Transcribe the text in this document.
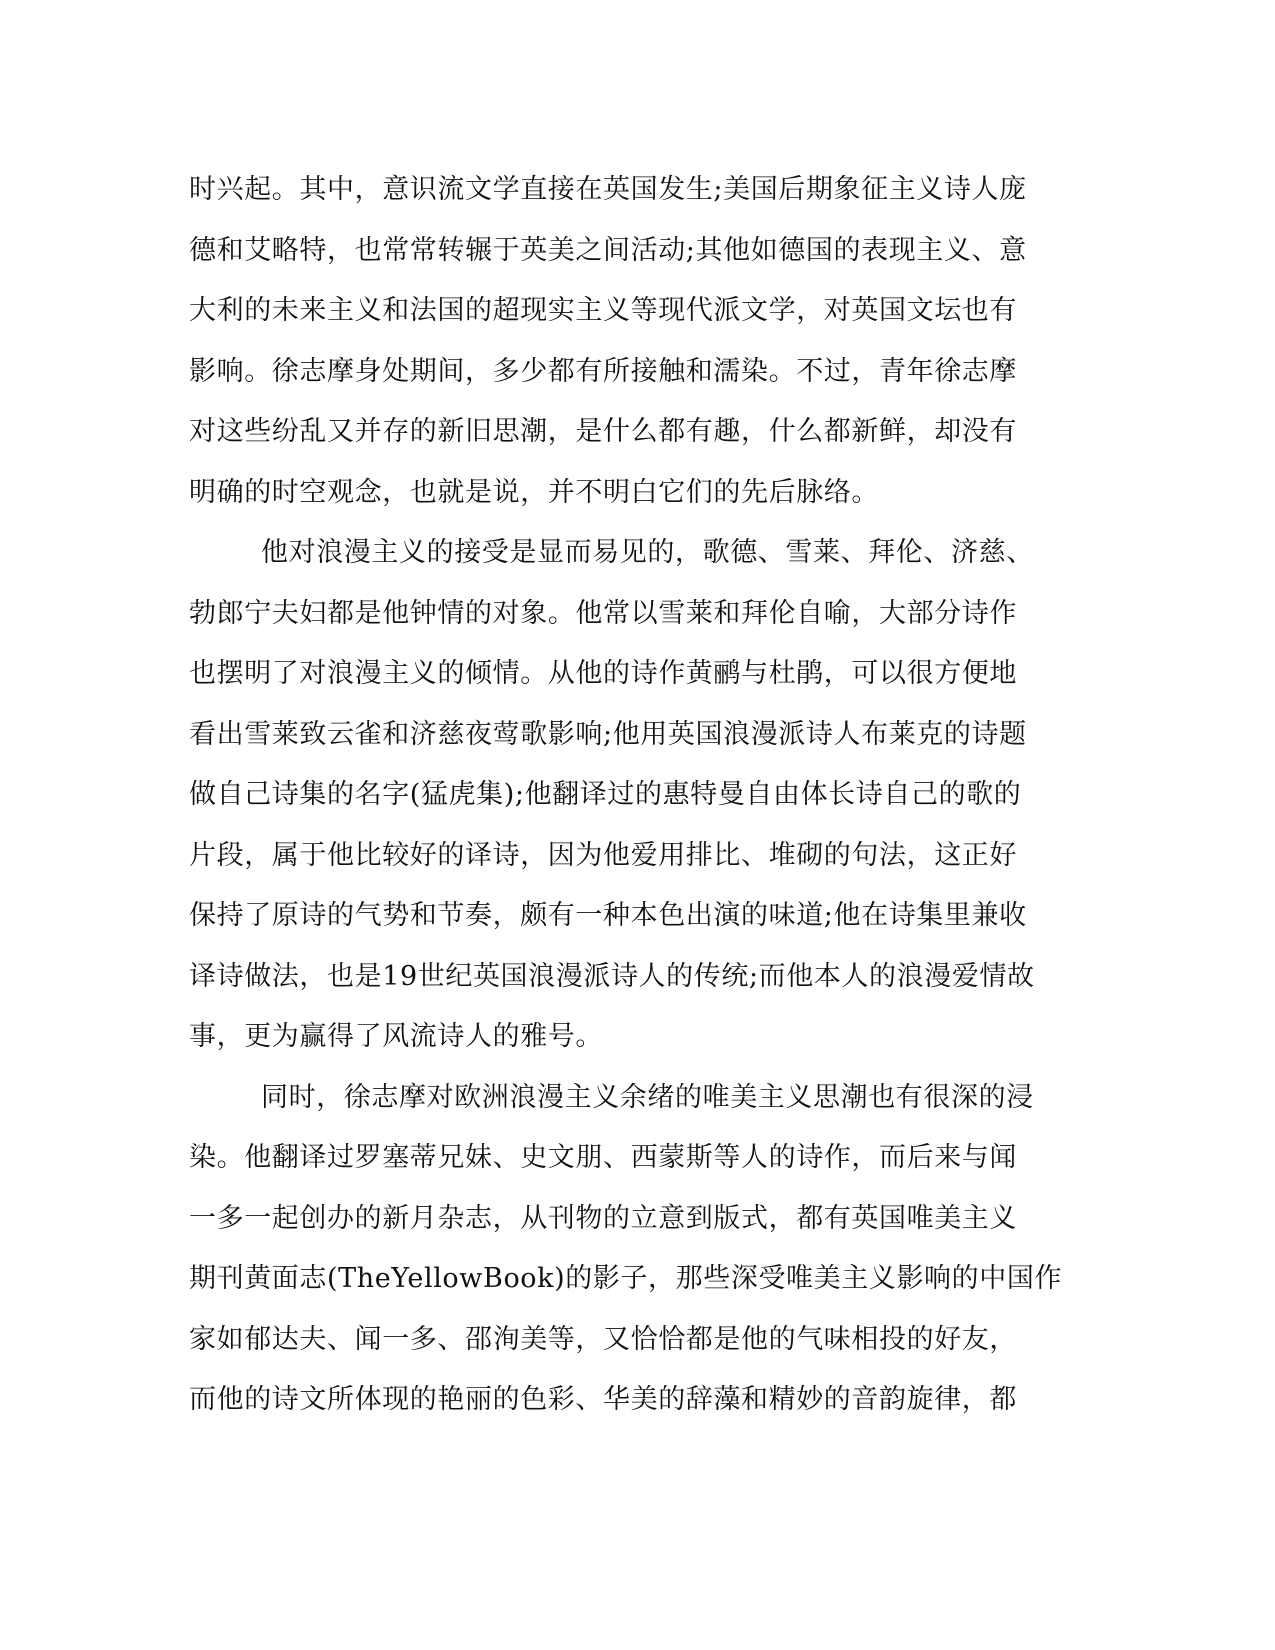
时兴起。其中，意识流文学直接在英国发生;美国后期象征主义诗人庞
德和艾略特，也常常转辗于英美之间活动;其他如德国的表现主义、意
大利的未来主义和法国的超现实主义等现代派文学，对英国文坛也有
影响。徐志摩身处期间，多少都有所接触和濡染。不过，青年徐志摩
对这些纷乱又并存的新旧思潮，是什么都有趣，什么都新鲜，却没有
明确的时空观念，也就是说，并不明白它们的先后脉络。
他对浪漫主义的接受是显而易见的，歌德、雪莱、拜伦、济慈、
勃郎宁夫妇都是他钟情的对象。他常以雪莱和拜伦自喻，大部分诗作
也摆明了对浪漫主义的倾情。从他的诗作黄鹂与杜鹃，可以很方便地
看出雪莱致云雀和济慈夜莺歌影响;他用英国浪漫派诗人布莱克的诗题
做自己诗集的名字(猛虎集);他翻译过的惠特曼自由体长诗自己的歌的
片段，属于他比较好的译诗，因为他爱用排比、堆砌的句法，这正好
保持了原诗的气势和节奏，颇有一种本色出演的味道;他在诗集里兼收
译诗做法，也是19世纪英国浪漫派诗人的传统;而他本人的浪漫爱情故
事，更为赢得了风流诗人的雅号。
同时，徐志摩对欧洲浪漫主义余绪的唯美主义思潮也有很深的浸
染。他翻译过罗塞蒂兄妹、史文朋、西蒙斯等人的诗作，而后来与闻
一多一起创办的新月杂志，从刊物的立意到版式，都有英国唯美主义
期刊黄面志(TheYellowBook)的影子，那些深受唯美主义影响的中国作
家如郁达夫、闻一多、邵洵美等，又恰恰都是他的气味相投的好友，
而他的诗文所体现的艳丽的色彩、华美的辞藻和精妙的音韵旋律，都
